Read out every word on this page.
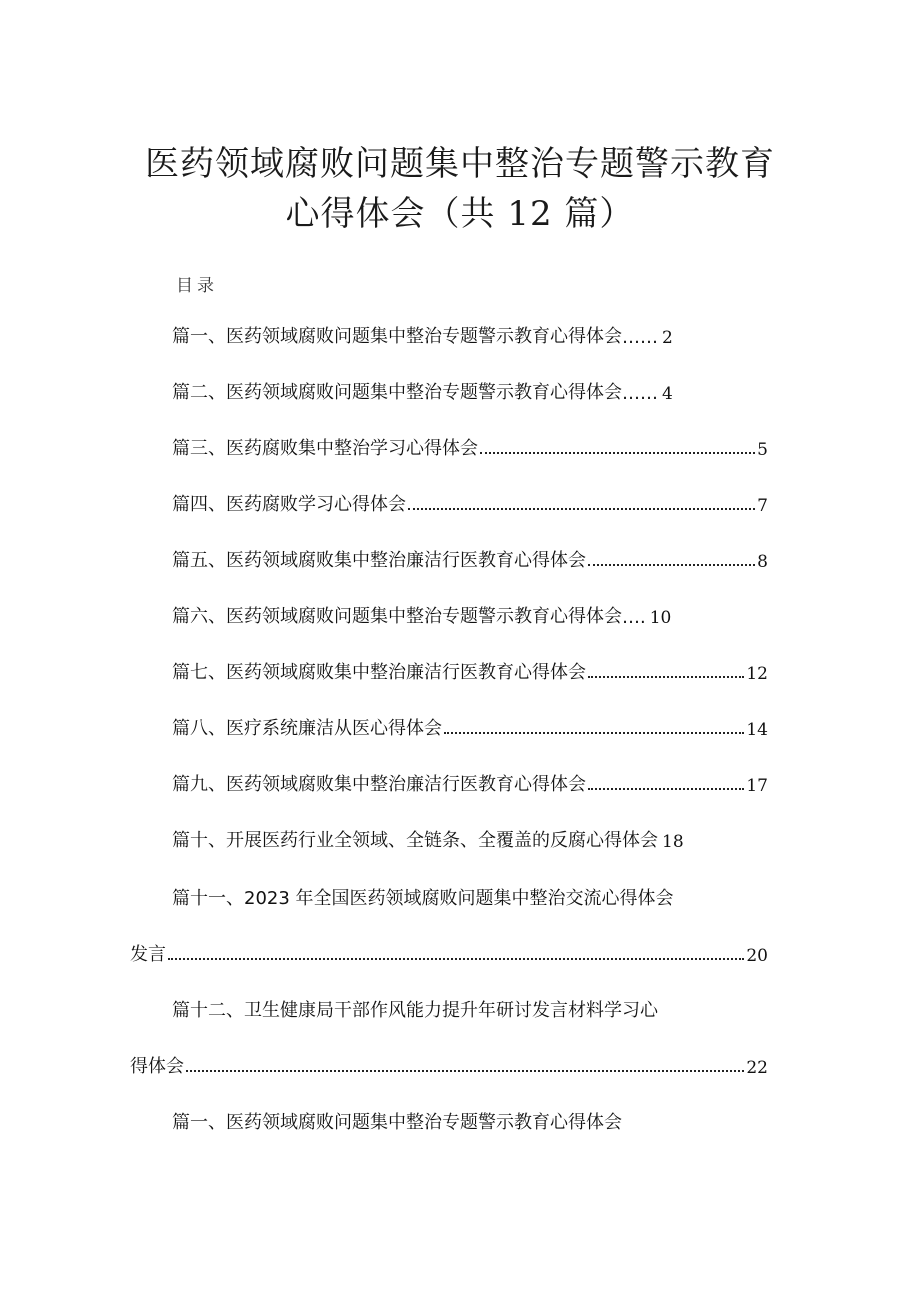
医药领域腐败问题集中整治专题警示教育
心得体会（共 12 篇）
目录
篇一、医药领域腐败问题集中整治专题警示教育心得体会 …… 2
篇二、医药领域腐败问题集中整治专题警示教育心得体会 …… 4
篇三、医药腐败集中整治学习心得体会	5
篇四、医药腐败学习心得体会	7
篇五、医药领域腐败集中整治廉洁行医教育心得体会	8
篇六、医药领域腐败问题集中整治专题警示教育心得体会 …. 10
篇七、医药领域腐败集中整治廉洁行医教育心得体会	12
篇八、医疗系统廉洁从医心得体会	14
篇九、医药领域腐败集中整治廉洁行医教育心得体会	17
篇十、开展医药行业全领域、全链条、全覆盖的反腐心得体会 18
篇十一、2023 年全国医药领域腐败问题集中整治交流心得体会
发言	20
篇十二、卫生健康局干部作风能力提升年研讨发言材料学习心
得体会	22
篇一、医药领域腐败问题集中整治专题警示教育心得体会
